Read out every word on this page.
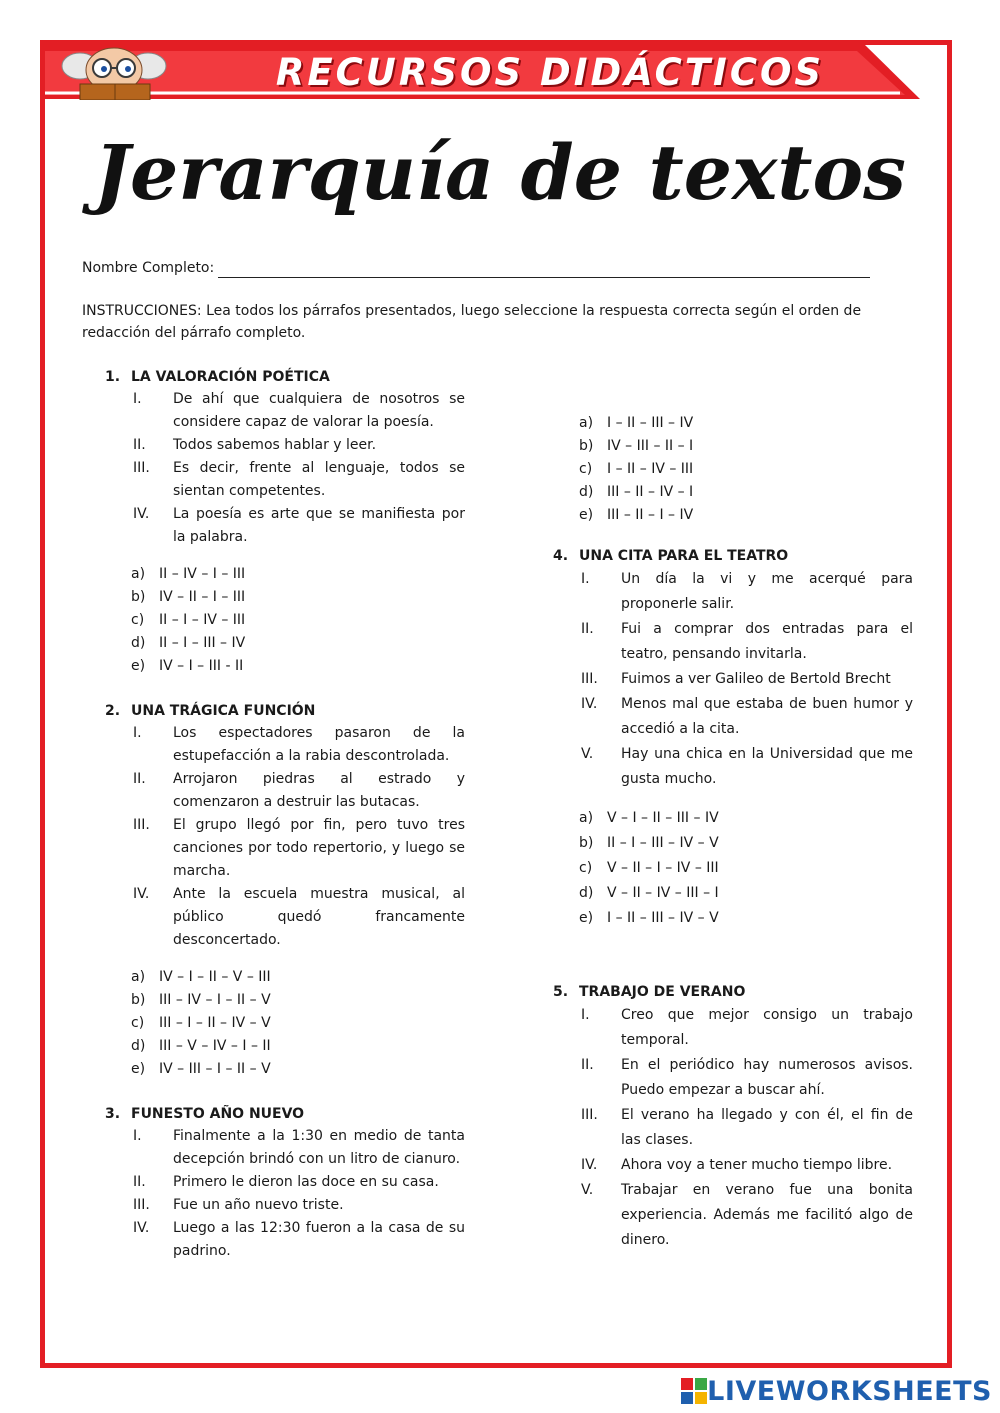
RECURSOS DIDÁCTICOS
Jerarquía de textos
Nombre Completo:
INSTRUCCIONES: Lea todos los párrafos presentados, luego seleccione la respuesta correcta según el orden de redacción del párrafo completo.
1. LA VALORACIÓN POÉTICA
I.	De ahí que cualquiera de nosotros se considere capaz de valorar la poesía.
II.	Todos sabemos hablar y leer.
III.	Es decir, frente al lenguaje, todos se sientan competentes.
IV.	La poesía es arte que se manifiesta por la palabra.
a) II – IV – I – III
b) IV – II – I – III
c)	II – I – IV – III
d) II – I – III – IV
e) IV – I – III - II
2. UNA TRÁGICA FUNCIÓN
I.	Los espectadores pasaron de la estupefacción a la rabia descontrolada.
II.	Arrojaron piedras al estrado y comenzaron a destruir las butacas.
III.	El grupo llegó por fin, pero tuvo tres canciones por todo repertorio, y luego se marcha.
IV.	Ante la escuela muestra musical, al público quedó francamente desconcertado.
a) IV – I – II – V – III
b) III – IV – I – II – V
c)	III – I – II – IV – V
d) III – V – IV – I – II
e) IV – III – I – II – V
3. FUNESTO AÑO NUEVO
I.	Finalmente a la 1:30 en medio de tanta decepción brindó con un litro de cianuro.
II.	Primero le dieron las doce en su casa.
III.	Fue un año nuevo triste.
IV.	Luego a las 12:30 fueron a la casa de su padrino.
a) I – II – III – IV
b) IV – III – II – I
c)	I – II – IV – III
d) III – II – IV – I
e) III – II – I – IV
4. UNA CITA PARA EL TEATRO
I.	Un día la vi y me acerqué para proponerle salir.
II.	Fui a comprar dos entradas para el teatro, pensando invitarla.
III.	Fuimos a ver Galileo de Bertold Brecht
IV.	Menos mal que estaba de buen humor y accedió a la cita.
V.	Hay una chica en la Universidad que me gusta mucho.
a) V – I – II – III – IV
b) II – I – III – IV – V
c)	V – II – I – IV – III
d) V – II – IV – III – I
e) I – II – III – IV – V
5. TRABAJO DE VERANO
I.	Creo que mejor consigo un trabajo temporal.
II.	En el periódico hay numerosos avisos. Puedo empezar a buscar ahí.
III.	El verano ha llegado y con él, el fin de las clases.
IV.	Ahora voy a tener mucho tiempo libre.
V.	Trabajar en verano fue una bonita experiencia. Además me facilitó algo de dinero.
LIVEWORKSHEETS
